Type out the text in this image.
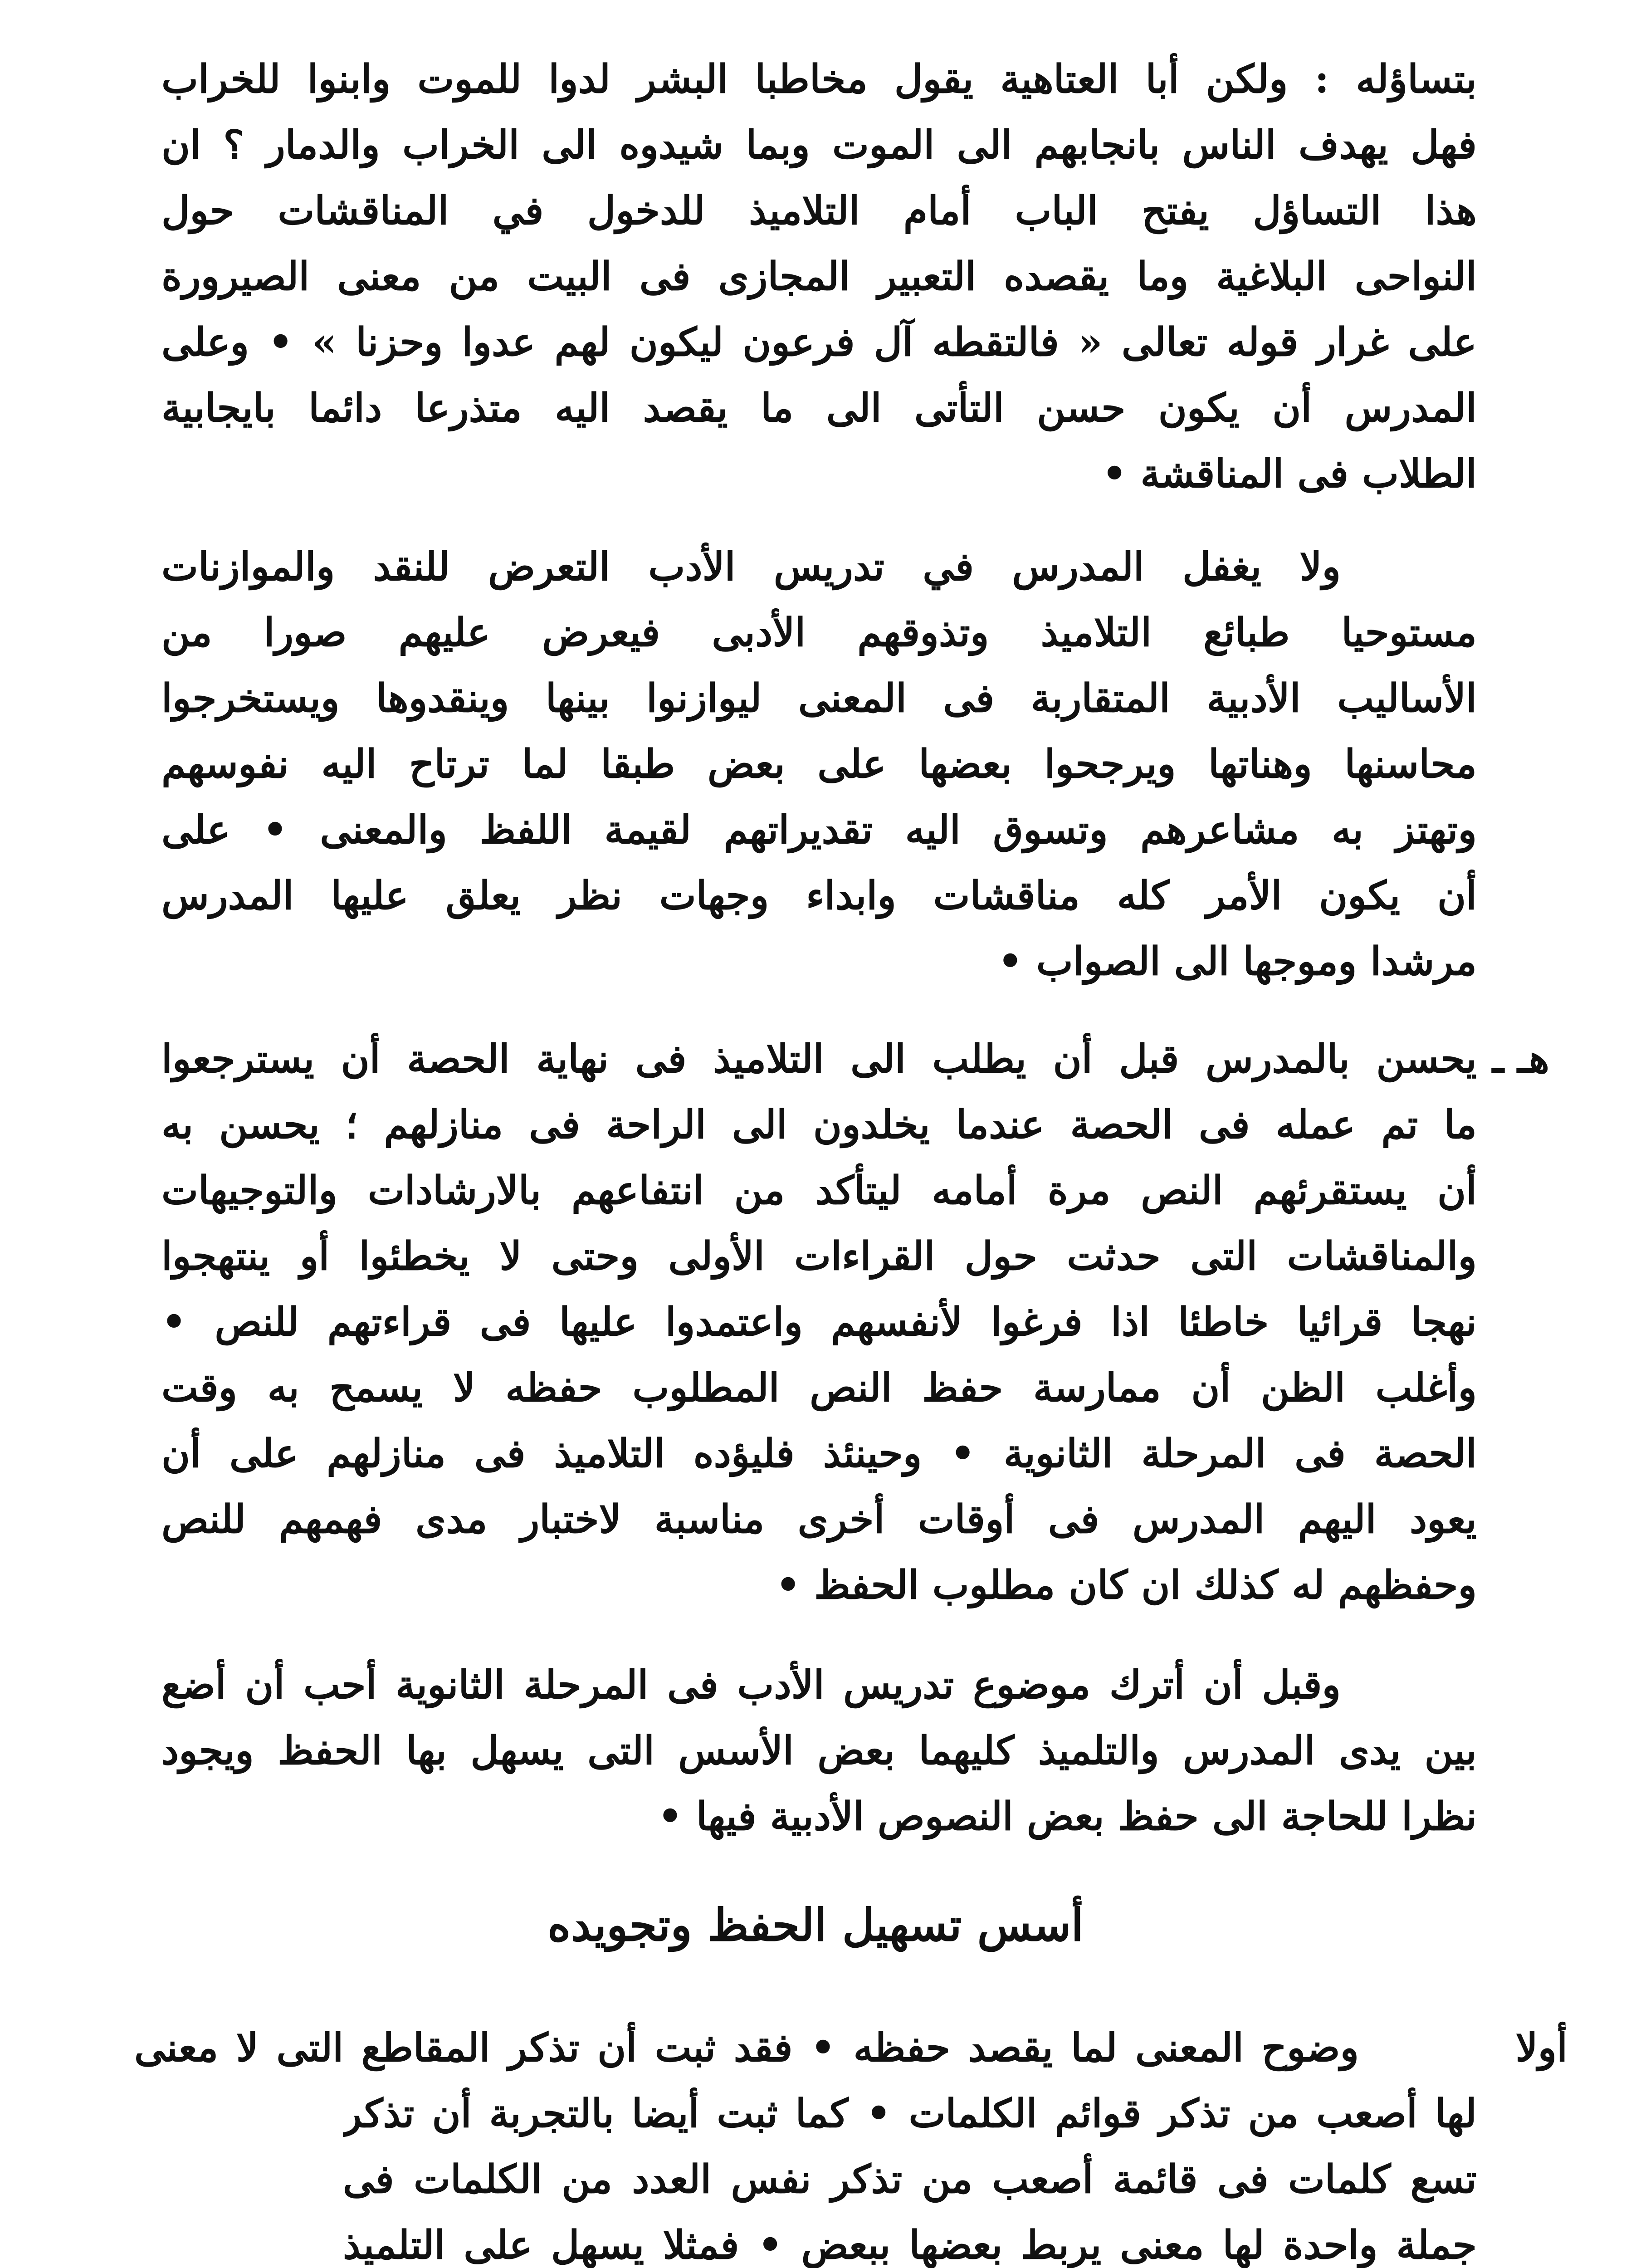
بتساؤله : ولكن أبا العتاهية يقول مخاطبا البشر لدوا للموت وابنوا للخراب
فهل يهدف الناس بانجابهم الى الموت وبما شيدوه الى الخراب والدمار ؟ ان
هذا التساؤل يفتح الباب أمام التلاميذ للدخول في المناقشات حول
النواحى البلاغية وما يقصده التعبير المجازى فى البيت من معنى الصيرورة
على غرار قوله تعالى « فالتقطه آل فرعون ليكون لهم عدوا وحزنا » • وعلى
المدرس أن يكون حسن التأتى الى ما يقصد اليه متذرعا دائما بايجابية
الطلاب فى المناقشة •
ولا يغفل المدرس في تدريس الأدب التعرض للنقد والموازنات
مستوحيا طبائع التلاميذ وتذوقهم الأدبى فيعرض عليهم صورا من
الأساليب الأدبية المتقاربة فى المعنى ليوازنوا بينها وينقدوها ويستخرجوا
محاسنها وهناتها ويرجحوا بعضها على بعض طبقا لما ترتاح اليه نفوسهم
وتهتز به مشاعرهم وتسوق اليه تقديراتهم لقيمة اللفظ والمعنى • على
أن يكون الأمر كله مناقشات وابداء وجهات نظر يعلق عليها المدرس
مرشدا وموجها الى الصواب •
هـ ـ
يحسن بالمدرس قبل أن يطلب الى التلاميذ فى نهاية الحصة أن يسترجعوا
ما تم عمله فى الحصة عندما يخلدون الى الراحة فى منازلهم ؛ يحسن به
أن يستقرئهم النص مرة أمامه ليتأكد من انتفاعهم بالارشادات والتوجيهات
والمناقشات التى حدثت حول القراءات الأولى وحتى لا يخطئوا أو ينتهجوا
نهجا قرائيا خاطئا اذا فرغوا لأنفسهم واعتمدوا عليها فى قراءتهم للنص •
وأغلب الظن أن ممارسة حفظ النص المطلوب حفظه لا يسمح به وقت
الحصة فى المرحلة الثانوية • وحينئذ فليؤده التلاميذ فى منازلهم على أن
يعود اليهم المدرس فى أوقات أخرى مناسبة لاختبار مدى فهمهم للنص
وحفظهم له كذلك ان كان مطلوب الحفظ •
وقبل أن أترك موضوع تدريس الأدب فى المرحلة الثانوية أحب أن أضع
بين يدى المدرس والتلميذ كليهما بعض الأسس التى يسهل بها الحفظ ويجود
نظرا للحاجة الى حفظ بعض النصوص الأدبية فيها •
أسس تسهيل الحفظ وتجويده
أولا
وضوح المعنى لما يقصد حفظه • فقد ثبت أن تذكر المقاطع التى لا معنى
لها أصعب من تذكر قوائم الكلمات • كما ثبت أيضا بالتجربة أن تذكر
تسع كلمات فى قائمة أصعب من تذكر نفس العدد من الكلمات فى
جملة واحدة لها معنى يربط بعضها ببعض • فمثلا يسهل على التلميذ
